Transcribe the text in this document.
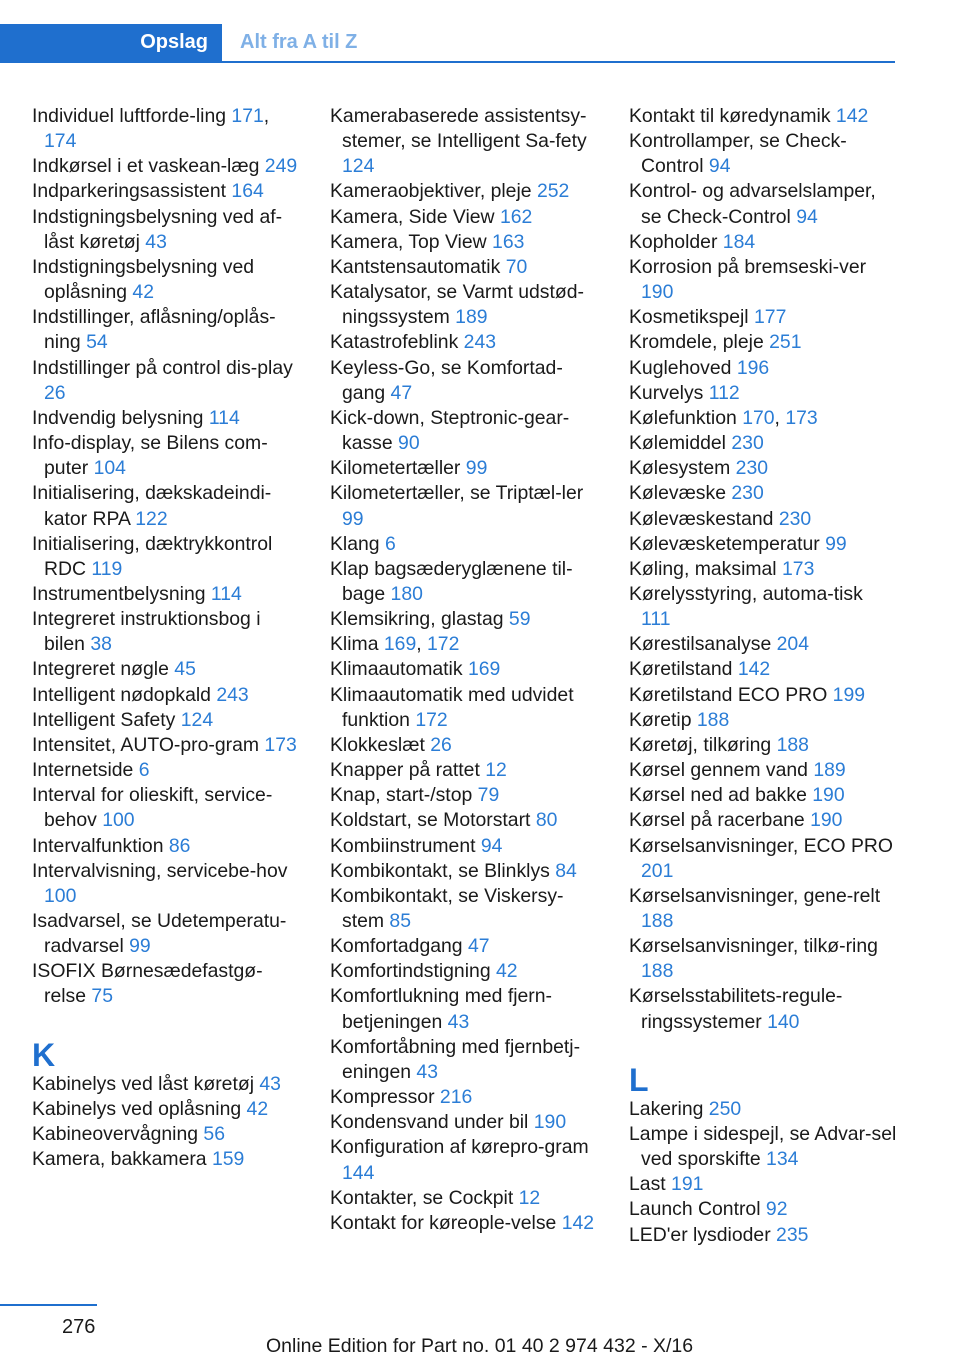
Opslag	Alt fra A til Z
Individuel luftforde-ling 171, 174
Indkørsel i et vaskean-læg 249
Indparkeringsassistent 164
Indstigningsbelysning ved af-låst køretøj 43
Indstigningsbelysning ved oplåsning 42
Indstillinger, aflåsning/oplås-ning 54
Indstillinger på control dis-play 26
Indvendig belysning 114
Info-display, se Bilens com-puter 104
Initialisering, dækskadeindi-kator RPA 122
Initialisering, dæktrykkontrol RDC 119
Instrumentbelysning 114
Integreret instruktionsbog i bilen 38
Integreret nøgle 45
Intelligent nødopkald 243
Intelligent Safety 124
Intensitet, AUTO-pro-gram 173
Internetside 6
Interval for olieskift, service-behov 100
Intervalfunktion 86
Intervalvisning, servicebe-hov 100
Isadvarsel, se Udetemperatu-radvarsel 99
ISOFIX Børnesædefastgø-relse 75
K
Kabinelys ved låst køretøj 43
Kabinelys ved oplåsning 42
Kabineovervågning 56
Kamera, bakkamera 159
Kamerabaserede assistentsy-stemer, se Intelligent Sa-fety 124
Kameraobjektiver, pleje 252
Kamera, Side View 162
Kamera, Top View 163
Kantstensautomatik 70
Katalysator, se Varmt udstød-ningssystem 189
Katastrofeblink 243
Keyless-Go, se Komfortad-gang 47
Kick-down, Steptronic-gear-kasse 90
Kilometertæller 99
Kilometertæller, se Triptæl-ler 99
Klang 6
Klap bagsæderyglænene til-bage 180
Klemsikring, glastag 59
Klima 169, 172
Klimaautomatik 169
Klimaautomatik med udvidet funktion 172
Klokkeslæt 26
Knapper på rattet 12
Knap, start-/stop 79
Koldstart, se Motorstart 80
Kombiinstrument 94
Kombikontakt, se Blinklys 84
Kombikontakt, se Viskersy-stem 85
Komfortadgang 47
Komfortindstigning 42
Komfortlukning med fjern-betjeningen 43
Komfortåbning med fjernbetj-eningen 43
Kompressor 216
Kondensvand under bil 190
Konfiguration af kørepro-gram 144
Kontakter, se Cockpit 12
Kontakt for køreople-velse 142
Kontakt til køredynamik 142
Kontrollamper, se Check-Control 94
Kontrol- og advarselslamper, se Check-Control 94
Kopholder 184
Korrosion på bremseski-ver 190
Kosmetikspejl 177
Kromdele, pleje 251
Kuglehoved 196
Kurvelys 112
Kølefunktion 170, 173
Kølemiddel 230
Kølesystem 230
Kølevæske 230
Kølevæskestand 230
Kølevæsketemperatur 99
Køling, maksimal 173
Kørelysstyring, automa-tisk 111
Kørestilsanalyse 204
Køretilstand 142
Køretilstand ECO PRO 199
Køretip 188
Køretøj, tilkøring 188
Kørsel gennem vand 189
Kørsel ned ad bakke 190
Kørsel på racerbane 190
Kørselsanvisninger, ECO PRO 201
Kørselsanvisninger, gene-relt 188
Kørselsanvisninger, tilkø-ring 188
Kørselsstabilitets-regule-ringssystemer 140
L
Lakering 250
Lampe i sidespejl, se Advar-sel ved sporskifte 134
Last 191
Launch Control 92
LED'er lysdioder 235
276
Online Edition for Part no. 01 40 2 974 432 - X/16
